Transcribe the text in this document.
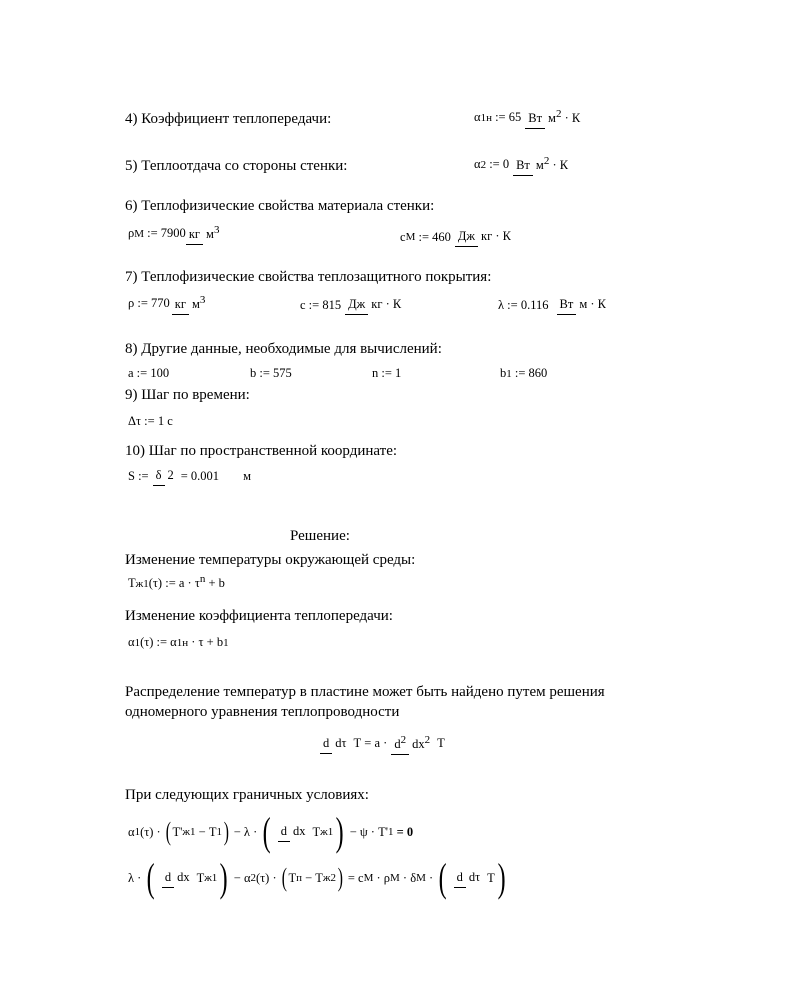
4) Коэффициент теплопередачи:	α 1н
:= 65 Вт $м^2 \cdot К$
5) Теплоотдача со стороны стенки:	α 2
:= 0 Вт $м^2 \cdot К$
6) Теплофизические свойства материала стенки:
ρ М
:= 7900 кг $м^3$	c М
:= 460 Дж кг · К
7) Теплофизические свойства теплозащитного покрытия:
ρ := 770 кг $м^3$	c := 815 Дж кг · К	λ := 0.116 Вт м · К
8) Другие данные, необходимые для вычислений:
a := 100	b := 575	n := 1	b 1
:= 860
9) Шаг по времени:
Δτ := 1 с
10) Шаг по пространственной координате:
S := δ 2 = 0.001 м
Решение:
Изменение температуры окружающей среды:
T ж1 (τ) := $a \cdot \tau^n$
+ b
Изменение коэффициента теплопередачи:
α 1 (τ) := α 1н
· τ + b 1
Распределение температур в пластине может быть найдено путем решения
одномерного уравнения теплопроводности
d dτ T
= $a \cdot d^2$ $dx^2$ T
При следующих граничных условиях:
α 1 (τ) ·
( T' ж1
−
T 1 )
− λ ·
( d dx T ж1 )
− ψ · T' 1
= 0
λ ·
( d dx T ж1 )
− α 2 (τ) ·
( T п
−
T ж2 )
= c М
· ρ М
· δ М
·
( d dτ T )
